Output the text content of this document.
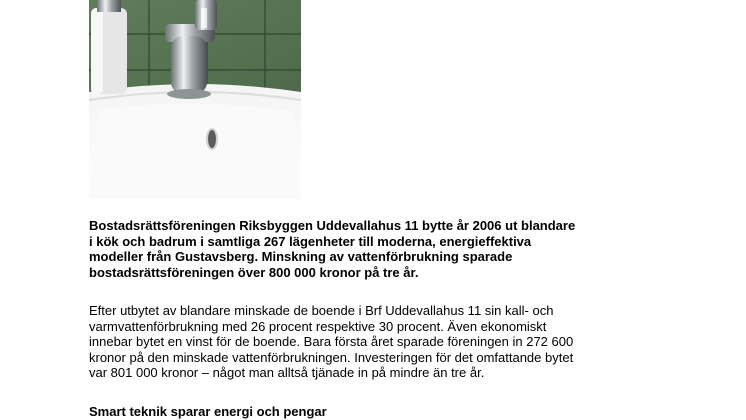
Bostadsrättsföreningen Riksbyggen Uddevallahus 11 bytte år 2006 ut blandare
i kök och badrum i samtliga 267 lägenheter till moderna, energieffektiva
modeller från Gustavsberg. Minskning av vattenförbrukning sparade
bostadsrättsföreningen över 800 000 kronor på tre år.
Efter utbytet av blandare minskade de boende i Brf Uddevallahus 11 sin kall- och
varmvattenförbrukning med 26 procent respektive 30 procent. Även ekonomiskt
innebar bytet en vinst för de boende. Bara första året sparade föreningen in 272 600
kronor på den minskade vattenförbrukningen. Investeringen för det omfattande bytet
var 801 000 kronor – något man alltså tjänade in på mindre än tre år.
Smart teknik sparar energi och pengar
